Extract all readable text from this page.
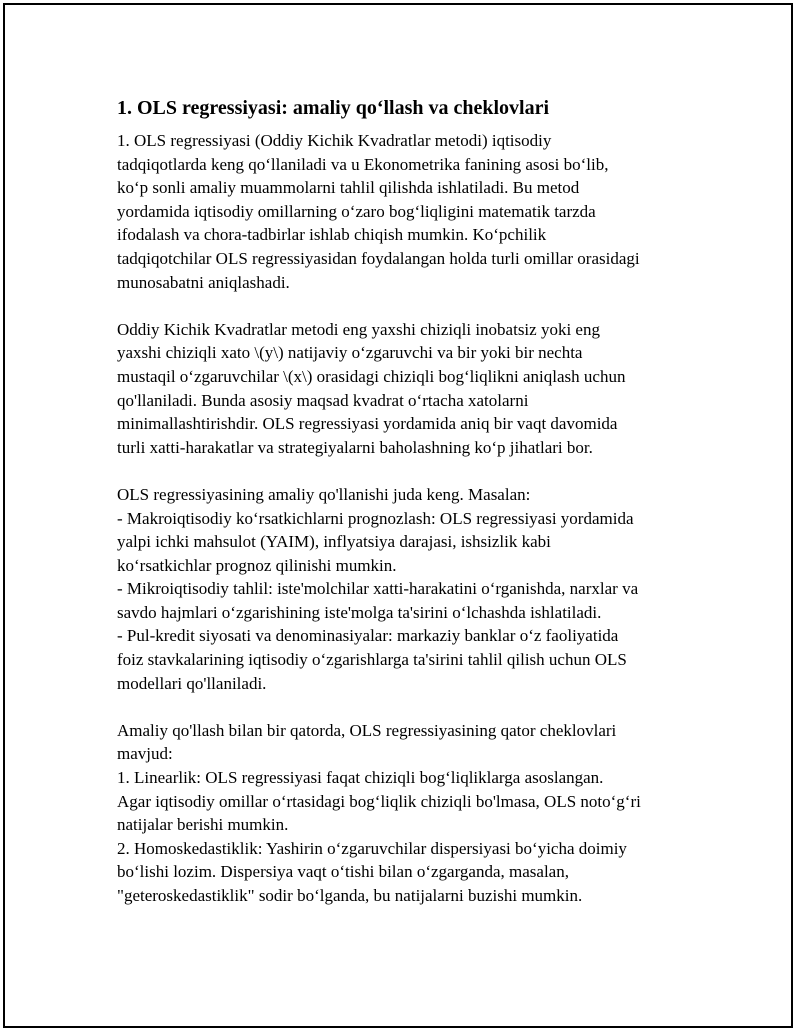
1. OLS regressiyasi: amaliy qo‘llash va cheklovlari
1. OLS regressiyasi (Oddiy Kichik Kvadratlar metodi) iqtisodiy
tadqiqotlarda keng qo‘llaniladi va u Ekonometrika fanining asosi bo‘lib,
ko‘p sonli amaliy muammolarni tahlil qilishda ishlatiladi. Bu metod
yordamida iqtisodiy omillarning o‘zaro bog‘liqligini matematik tarzda
ifodalash va chora-tadbirlar ishlab chiqish mumkin. Ko‘pchilik
tadqiqotchilar OLS regressiyasidan foydalangan holda turli omillar orasidagi
munosabatni aniqlashadi.
Oddiy Kichik Kvadratlar metodi eng yaxshi chiziqli inobatsiz yoki eng
yaxshi chiziqli xato \(y\) natijaviy o‘zgaruvchi va bir yoki bir nechta
mustaqil o‘zgaruvchilar \(x\) orasidagi chiziqli bog‘liqlikni aniqlash uchun
qo'llaniladi. Bunda asosiy maqsad kvadrat o‘rtacha xatolarni
minimallashtirishdir. OLS regressiyasi yordamida aniq bir vaqt davomida
turli xatti-harakatlar va strategiyalarni baholashning ko‘p jihatlari bor.
OLS regressiyasining amaliy qo'llanishi juda keng. Masalan:
- Makroiqtisodiy ko‘rsatkichlarni prognozlash: OLS regressiyasi yordamida
yalpi ichki mahsulot (YAIM), inflyatsiya darajasi, ishsizlik kabi
ko‘rsatkichlar prognoz qilinishi mumkin.
- Mikroiqtisodiy tahlil: iste'molchilar xatti-harakatini o‘rganishda, narxlar va
savdo hajmlari o‘zgarishining iste'molga ta'sirini o‘lchashda ishlatiladi.
- Pul-kredit siyosati va denominasiyalar: markaziy banklar o‘z faoliyatida
foiz stavkalarining iqtisodiy o‘zgarishlarga ta'sirini tahlil qilish uchun OLS
modellari qo'llaniladi.
Amaliy qo'llash bilan bir qatorda, OLS regressiyasining qator cheklovlari
mavjud:
1. Linearlik: OLS regressiyasi faqat chiziqli bog‘liqliklarga asoslangan.
Agar iqtisodiy omillar o‘rtasidagi bog‘liqlik chiziqli bo'lmasa, OLS noto‘g‘ri
natijalar berishi mumkin.
2. Homoskedastiklik: Yashirin o‘zgaruvchilar dispersiyasi bo‘yicha doimiy
bo‘lishi lozim. Dispersiya vaqt o‘tishi bilan o‘zgarganda, masalan,
"geteroskedastiklik" sodir bo‘lganda, bu natijalarni buzishi mumkin.
